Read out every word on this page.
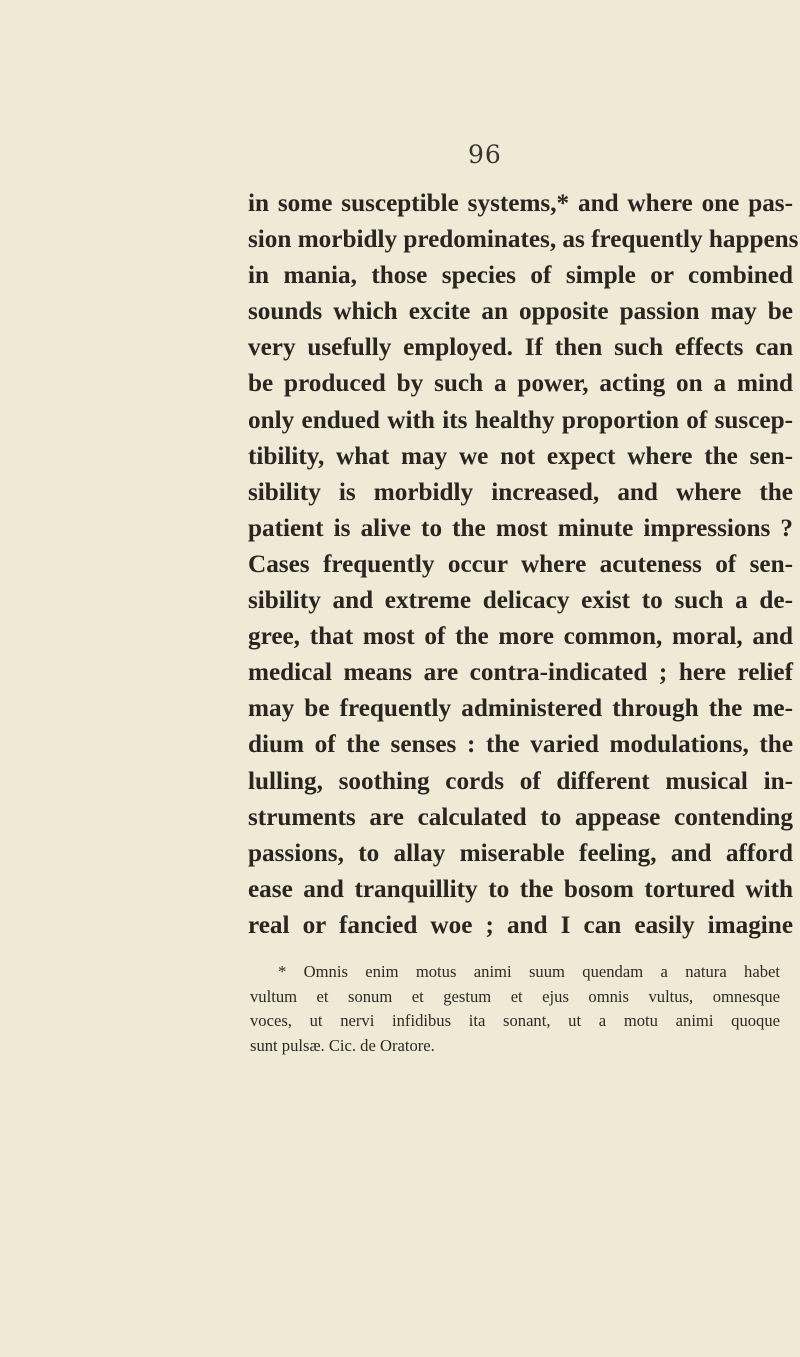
96
in some susceptible systems,* and where one pas-
sion morbidly predominates, as frequently happens
in mania, those species of simple or combined
sounds which excite an opposite passion may be
very usefully employed. If then such effects can
be produced by such a power, acting on a mind
only endued with its healthy proportion of suscep-
tibility, what may we not expect where the sen-
sibility is morbidly increased, and where the
patient is alive to the most minute impressions ?
Cases frequently occur where acuteness of sen-
sibility and extreme delicacy exist to such a de-
gree, that most of the more common, moral, and
medical means are contra-indicated ; here relief
may be frequently administered through the me-
dium of the senses : the varied modulations, the
lulling, soothing cords of different musical in-
struments are calculated to appease contending
passions, to allay miserable feeling, and afford
ease and tranquillity to the bosom tortured with
real or fancied woe ; and I can easily imagine
* Omnis enim motus animi suum quendam a natura habet
vultum et sonum et gestum et ejus omnis vultus, omnesque
voces, ut nervi infidibus ita sonant, ut a motu animi quoque
sunt pulsæ. Cic. de Oratore.
